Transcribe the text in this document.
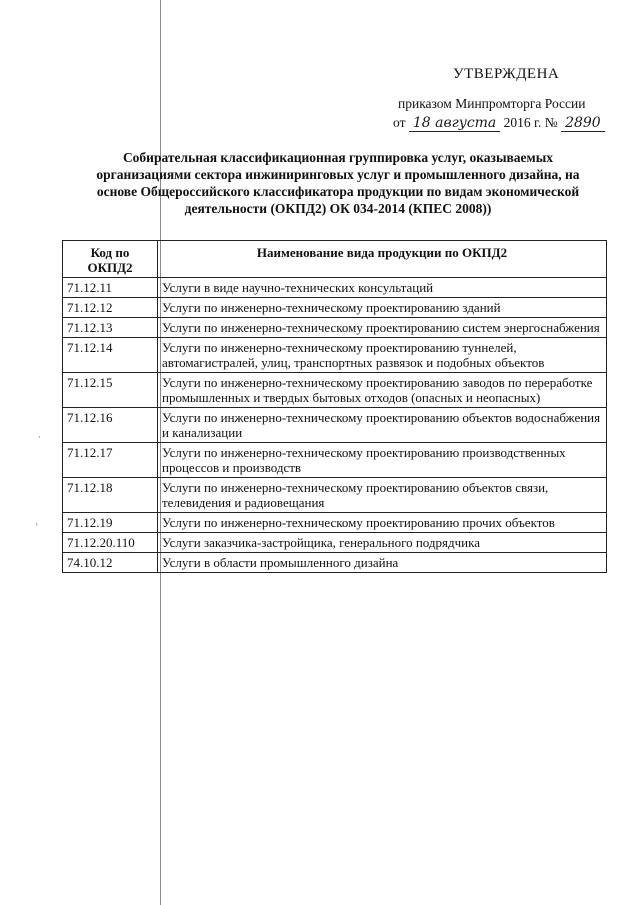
·
'
УТВЕРЖДЕНА
приказом Минпромторга России
от 18 августа 2016 г. № 2890
Собирательная классификационная группировка услуг, оказываемых организациями сектора инжиниринговых услуг и промышленного дизайна, на основе Общероссийского классификатора продукции по видам экономической деятельности (ОКПД2) ОК 034-2014 (КПЕС 2008))
Код по ОКПД2	Наименование вида продукции по ОКПД2
71.12.11	Услуги в виде научно-технических консультаций
71.12.12	Услуги по инженерно-техническому проектированию зданий
71.12.13	Услуги по инженерно-техническому проектированию систем энергоснабжения
71.12.14	Услуги по инженерно-техническому проектированию туннелей, автомагистралей, улиц, транспортных развязок и подобных объектов
71.12.15	Услуги по инженерно-техническому проектированию заводов по переработке промышленных и твердых бытовых отходов (опасных и неопасных)
71.12.16	Услуги по инженерно-техническому проектированию объектов водоснабжения и канализации
71.12.17	Услуги по инженерно-техническому проектированию производственных процессов и производств
71.12.18	Услуги по инженерно-техническому проектированию объектов связи, телевидения и радиовещания
71.12.19	Услуги по инженерно-техническому проектированию прочих объектов
71.12.20.110	Услуги заказчика-застройщика, генерального подрядчика
74.10.12	Услуги в области промышленного дизайна
